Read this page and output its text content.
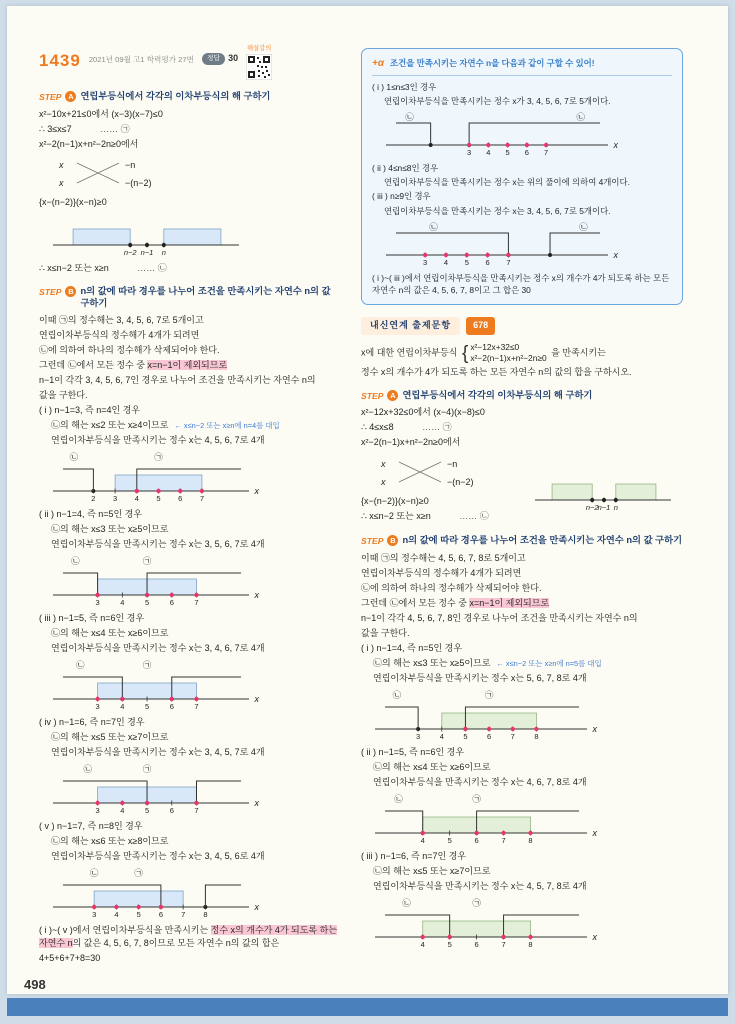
1439 2021년 09월 고1 학력평가 27번	정답 30
해설강의
STEP A 연립부등식에서 각각의 이차부등식의 해 구하기
x²−10x+21≤0에서 (x−3)(x−7)≤0
∴ 3≤x≤7	…… ㉠
x²−2(n−1)x+n²−2n≥0에서
x	−n
x	−(n−2)
{x−(n−2)}(x−n)≥0
n−2 n−1 n
∴ x≤n−2 또는 x≥n	…… ㉡
STEP B n의 값에 따라 경우를 나누어 조건을 만족시키는 자연수 n의 값 구하기
이때 ㉠의 정수해는 3, 4, 5, 6, 7로 5개이고
연립이차부등식의 정수해가 4개가 되려면
㉡에 의하여 하나의 정수해가 삭제되어야 한다.
그런데 ㉡에서 모든 정수 중 x=n−1이 제외되므로
n−1이 각각 3, 4, 5, 6, 7인 경우로 나누어 조건을 만족시키는 자연수 n의
값을 구한다.
( i ) n−1=3, 즉 n=4인 경우
㉡의 해는 x≤2 또는 x≥4이므로 ← x≤n−2 또는 x≥n에 n=4를 대입
연립이차부등식을 만족시키는 정수 x는 4, 5, 6, 7로 4개
x
2 3 4 5 6 7
㉡	㉠
( ii ) n−1=4, 즉 n=5인 경우
㉡의 해는 x≤3 또는 x≥5이므로
연립이차부등식을 만족시키는 정수 x는 3, 5, 6, 7로 4개
x
3	4	5	6	7
㉡	㉠
( iii ) n−1=5, 즉 n=6인 경우
㉡의 해는 x≤4 또는 x≥6이므로
연립이차부등식을 만족시키는 정수 x는 3, 4, 6, 7로 4개
x
3	4	5	6	7
㉡	㉠
( iv ) n−1=6, 즉 n=7인 경우
㉡의 해는 x≤5 또는 x≥7이므로
연립이차부등식을 만족시키는 정수 x는 3, 4, 5, 7로 4개
x
3	4	5	6	7
㉡	㉠
( v ) n−1=7, 즉 n=8인 경우
㉡의 해는 x≤6 또는 x≥8이므로
연립이차부등식을 만족시키는 정수 x는 3, 4, 5, 6로 4개
x
3 4 5 6 7 8
㉡	㉠
( i )~( v )에서 연립이차부등식을 만족시키는 정수 x의 개수가 4가 되도록 하는 자연수 n의 값은 4, 5, 6, 7, 8이므로 모든 자연수 n의 값의 합은
4+5+6+7+8=30
+α 조건을 만족시키는 자연수 n을 다음과 같이 구할 수 있어!
( i ) 1≤n≤3인 경우
연립이차부등식을 만족시키는 정수 x가 3, 4, 5, 6, 7로 5개이다.
x
3 4 5 6 7
㉡	㉡
( ii ) 4≤n≤8인 경우
연립이차부등식을 만족시키는 정수 x는 위의 풀이에 의하여 4개이다.
( iii ) n≥9인 경우
연립이차부등식을 만족시키는 정수 x는 3, 4, 5, 6, 7로 5개이다.
x
3 4 5 6 7
㉡	㉡
( i )~( iii )에서 연립이차부등식을 만족시키는 정수 x의 개수가 4가 되도록 하는 모든 자연수 n의 값은 4, 5, 6, 7, 8이고 그 합은 30
내신연계 출제문항	678
x에 대한 연립이차부등식 { x²−12x+32≤0
x²−2(n−1)x+n²−2n≥0
을 만족시키는
정수 x의 개수가 4가 되도록 하는 모든 자연수 n의 값의 합을 구하시오.
STEP A 연립부등식에서 각각의 이차부등식의 해 구하기
x²−12x+32≤0에서 (x−4)(x−8)≤0
∴ 4≤x≤8	…… ㉠
x²−2(n−1)x+n²−2n≥0에서
x	−n
x	−(n−2)
{x−(n−2)}(x−n)≥0
∴ x≤n−2 또는 x≥n	…… ㉡
n−2 n−1 n
STEP B n의 값에 따라 경우를 나누어 조건을 만족시키는 자연수 n의 값 구하기
이때 ㉠의 정수해는 4, 5, 6, 7, 8로 5개이고
연립이차부등식의 정수해가 4개가 되려면
㉡에 의하여 하나의 정수해가 삭제되어야 한다.
그런데 ㉡에서 모든 정수 중 x=n−1이 제외되므로
n−1이 각각 4, 5, 6, 7, 8인 경우로 나누어 조건을 만족시키는 자연수 n의
값을 구한다.
( i ) n−1=4, 즉 n=5인 경우
㉡의 해는 x≤3 또는 x≥5이므로 ← x≤n−2 또는 x≥n에 n=5를 대입
연립이차부등식을 만족시키는 정수 x는 5, 6, 7, 8로 4개
x
3	4	5	6	7	8
㉡	㉠
( ii ) n−1=5, 즉 n=6인 경우
㉡의 해는 x≤4 또는 x≥6이므로
연립이차부등식을 만족시키는 정수 x는 4, 6, 7, 8로 4개
x
4	5	6	7	8
㉡	㉠
( iii ) n−1=6, 즉 n=7인 경우
㉡의 해는 x≤5 또는 x≥7이므로
연립이차부등식을 만족시키는 정수 x는 4, 5, 7, 8로 4개
x
4	5	6	7	8
㉡	㉠
498
